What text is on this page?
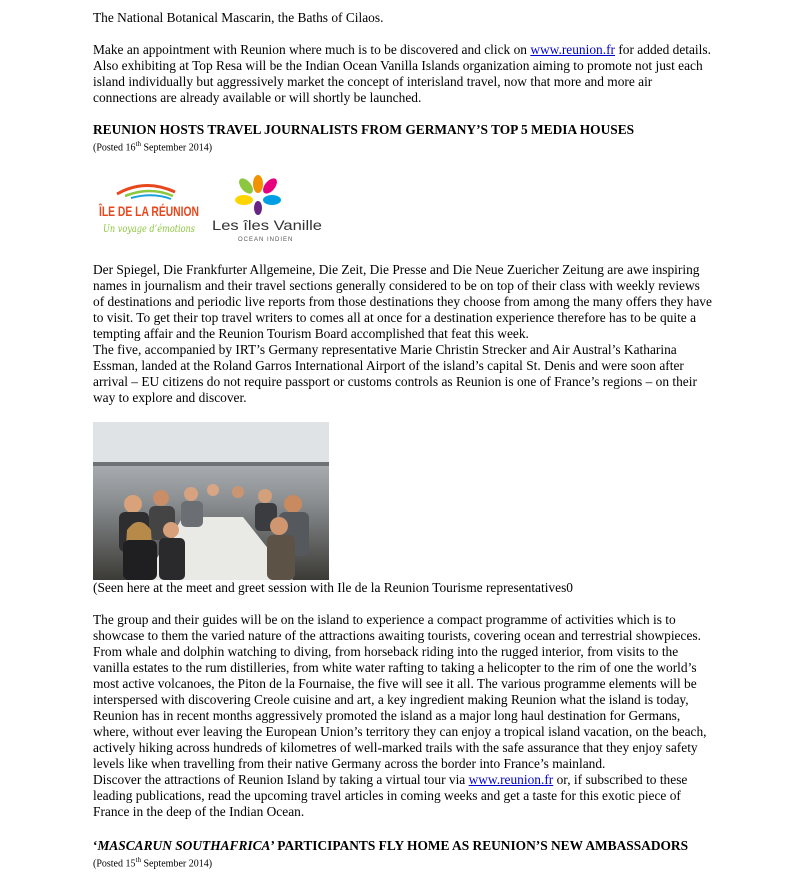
The National Botanical Mascarin, the Baths of Cilaos.

Make an appointment with Reunion where much is to be discovered and click on www.reunion.fr for added details. Also exhibiting at Top Resa will be the Indian Ocean Vanilla Islands organization aiming to promote not just each island individually but aggressively market the concept of interisland travel, now that more and more air connections are already available or will shortly be launched.

REUNION HOSTS TRAVEL JOURNALISTS FROM GERMANY’S TOP 5 MEDIA HOUSES

(Posted 16th September 2014)

ÎLE DE LA RÉUNION
Un voyage d’émotions Les îles Vanille
OCEAN INDIEN

Der Spiegel, Die Frankfurter Allgemeine, Die Zeit, Die Presse and Die Neue Zuericher Zeitung are awe inspiring names in journalism and their travel sections generally considered to be on top of their class with weekly reviews of destinations and periodic live reports from those destinations they choose from among the many offers they have to visit. To get their top travel writers to comes all at once for a destination experience therefore has to be quite a tempting affair and the Reunion Tourism Board accomplished that feat this week.

The five, accompanied by IRT’s Germany representative Marie Christin Strecker and Air Austral’s Katharina Essman, landed at the Roland Garros International Airport of the island’s capital St. Denis and were soon after arrival – EU citizens do not require passport or customs controls as Reunion is one of France’s regions – on their way to explore and discover.

(Seen here at the meet and greet session with Ile de la Reunion Tourisme representatives0

The group and their guides will be on the island to experience a compact programme of activities which is to showcase to them the varied nature of the attractions awaiting tourists, covering ocean and terrestrial showpieces. From whale and dolphin watching to diving, from horseback riding into the rugged interior, from visits to the vanilla estates to the rum distilleries, from white water rafting to taking a helicopter to the rim of one the world’s most active volcanoes, the Piton de la Fournaise, the five will see it all. The various programme elements will be interspersed with discovering Creole cuisine and art, a key ingredient making Reunion what the island is today, Reunion has in recent months aggressively promoted the island as a major long haul destination for Germans, where, without ever leaving the European Union’s territory they can enjoy a tropical island vacation, on the beach, actively hiking across hundreds of kilometres of well-marked trails with the safe assurance that they enjoy safety levels like when travelling from their native Germany across the border into France’s mainland.

Discover the attractions of Reunion Island by taking a virtual tour via www.reunion.fr or, if subscribed to these leading publications, read the upcoming travel articles in coming weeks and get a taste for this exotic piece of France in the deep of the Indian Ocean.

‘MASCARUN SOUTHAFRICA’ PARTICIPANTS FLY HOME AS REUNION’S NEW AMBASSADORS

(Posted 15th September 2014)
